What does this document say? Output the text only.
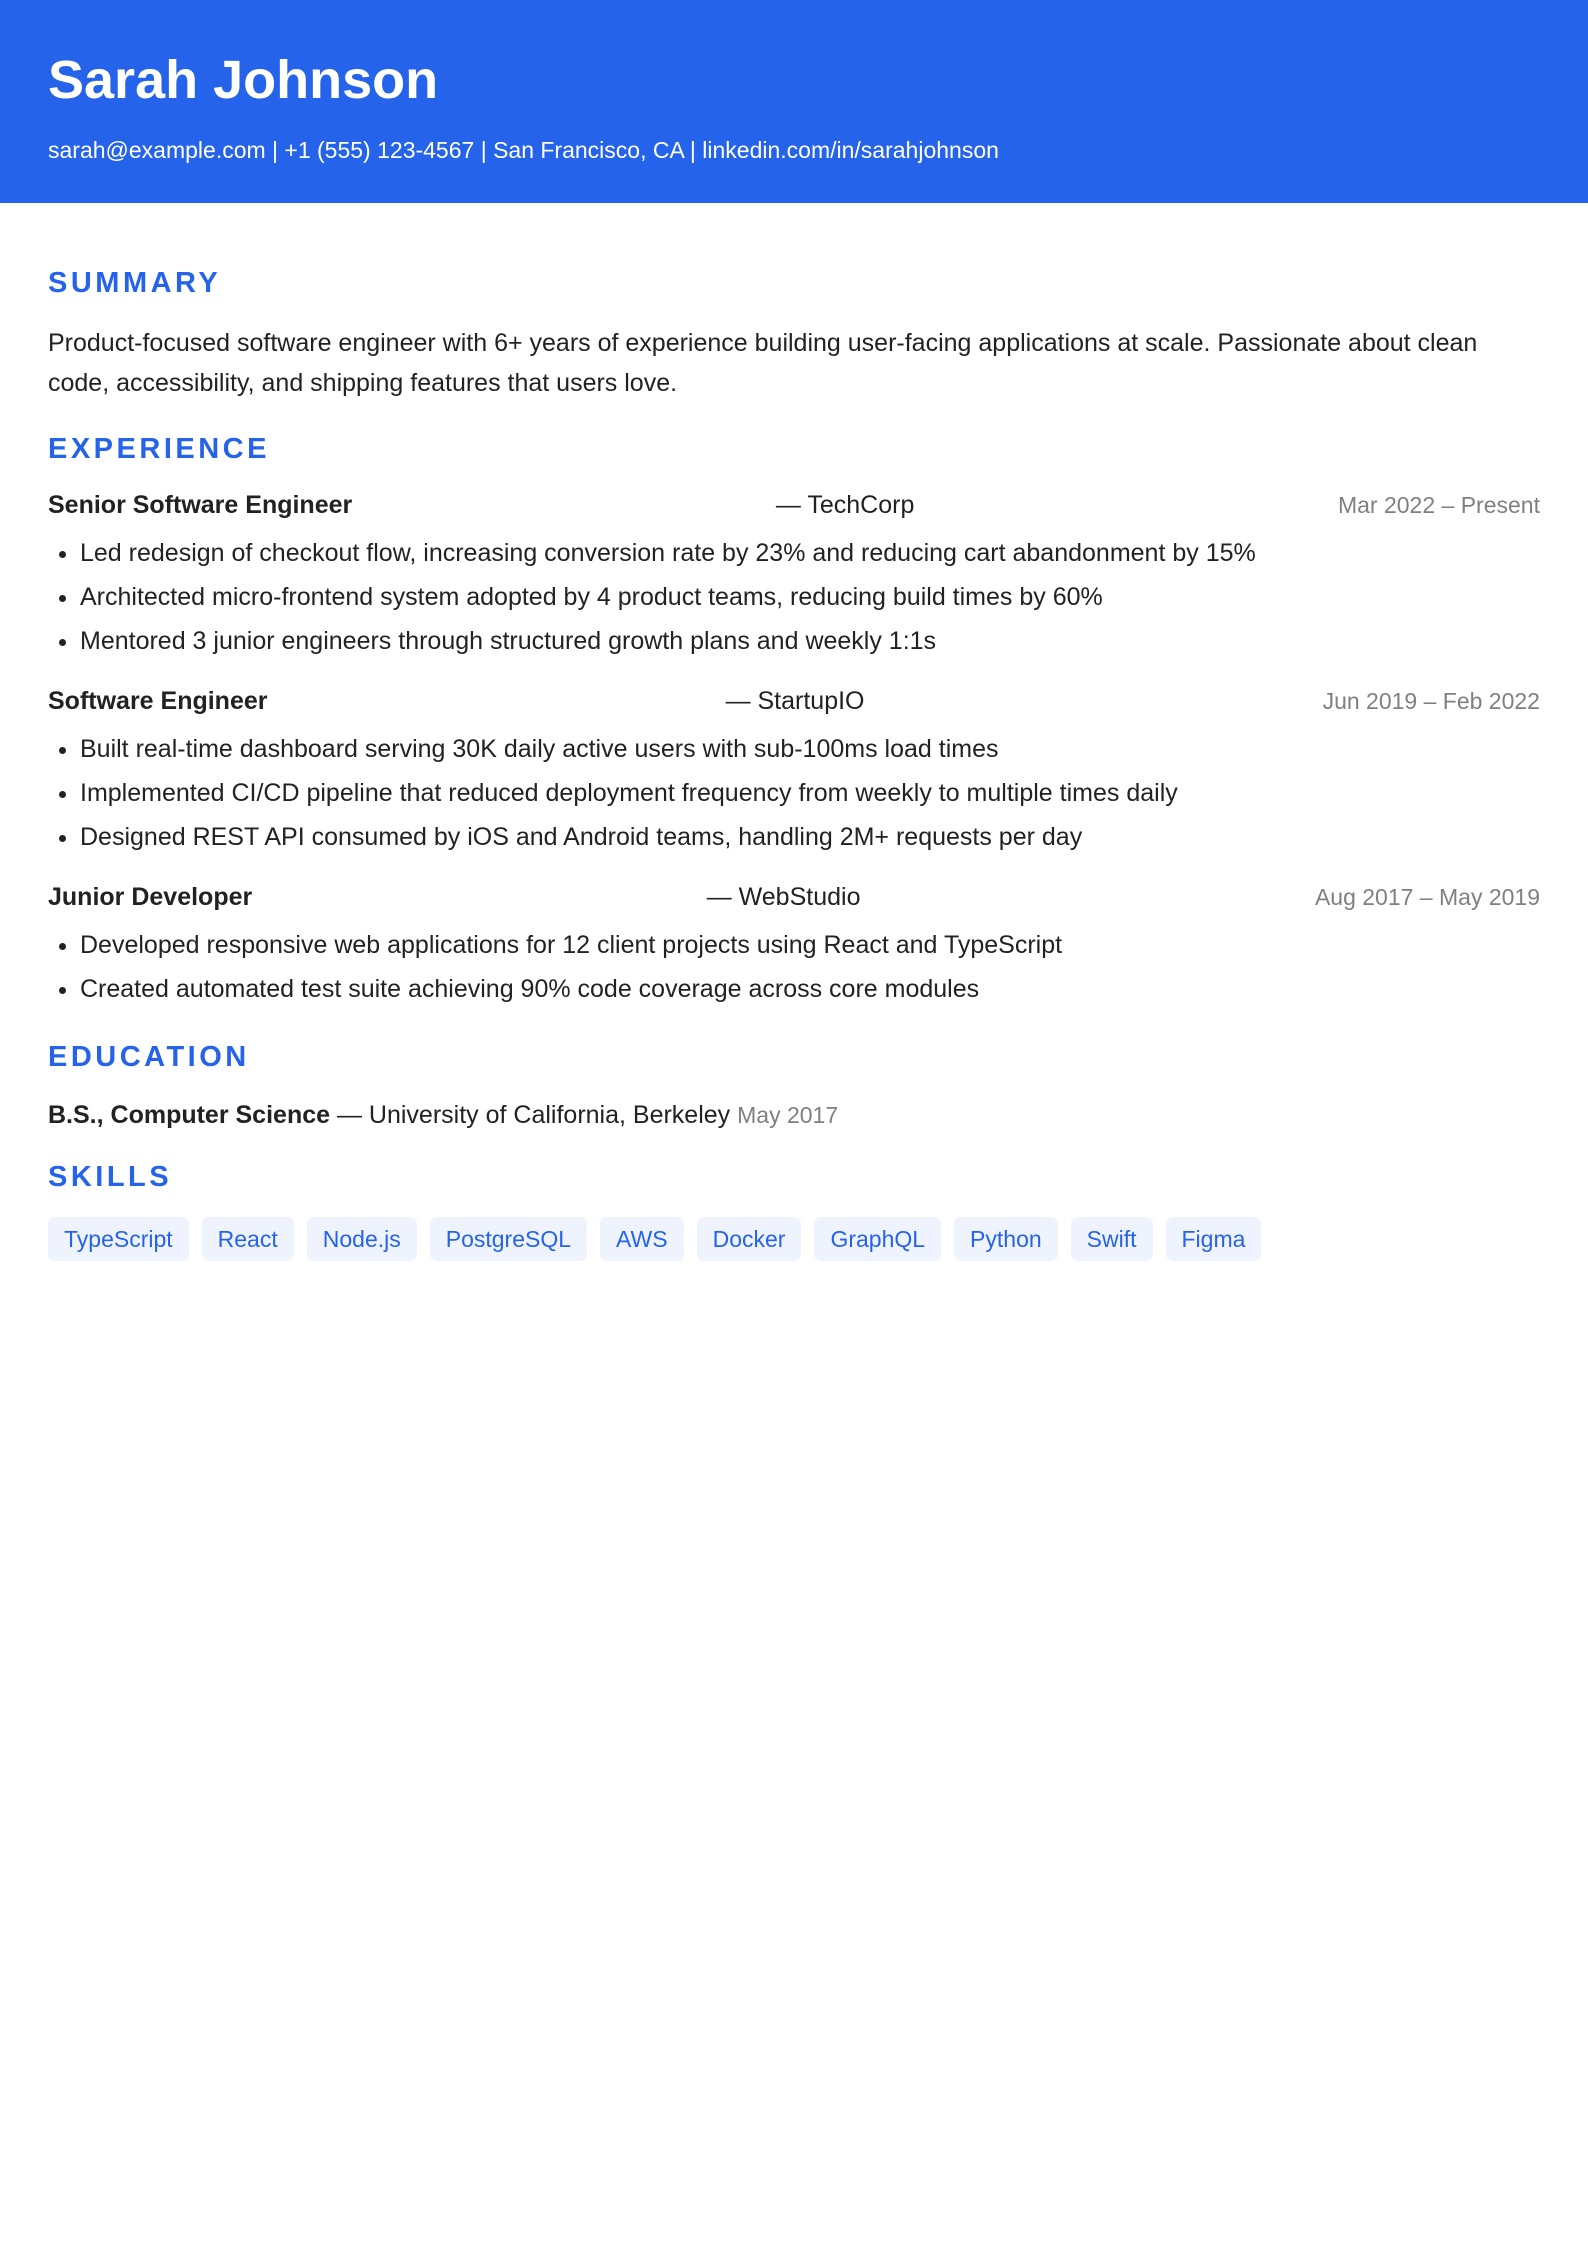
Sarah Johnson
sarah@example.com | +1 (555) 123-4567 | San Francisco, CA | linkedin.com/in/sarahjohnson
SUMMARY
Product-focused software engineer with 6+ years of experience building user-facing applications at scale. Passionate about clean code, accessibility, and shipping features that users love.
EXPERIENCE
Senior Software Engineer	— TechCorp	Mar 2022 – Present
• Led redesign of checkout flow, increasing conversion rate by 23% and reducing cart abandonment by 15%
• Architected micro-frontend system adopted by 4 product teams, reducing build times by 60%
• Mentored 3 junior engineers through structured growth plans and weekly 1:1s
Software Engineer	— StartupIO	Jun 2019 – Feb 2022
• Built real-time dashboard serving 30K daily active users with sub-100ms load times
• Implemented CI/CD pipeline that reduced deployment frequency from weekly to multiple times daily
• Designed REST API consumed by iOS and Android teams, handling 2M+ requests per day
Junior Developer	— WebStudio	Aug 2017 – May 2019
• Developed responsive web applications for 12 client projects using React and TypeScript
• Created automated test suite achieving 90% code coverage across core modules
EDUCATION
B.S., Computer Science — University of California, Berkeley May 2017
SKILLS
TypeScript	React	Node.js	PostgreSQL	AWS	Docker	GraphQL	Python	Swift	Figma
